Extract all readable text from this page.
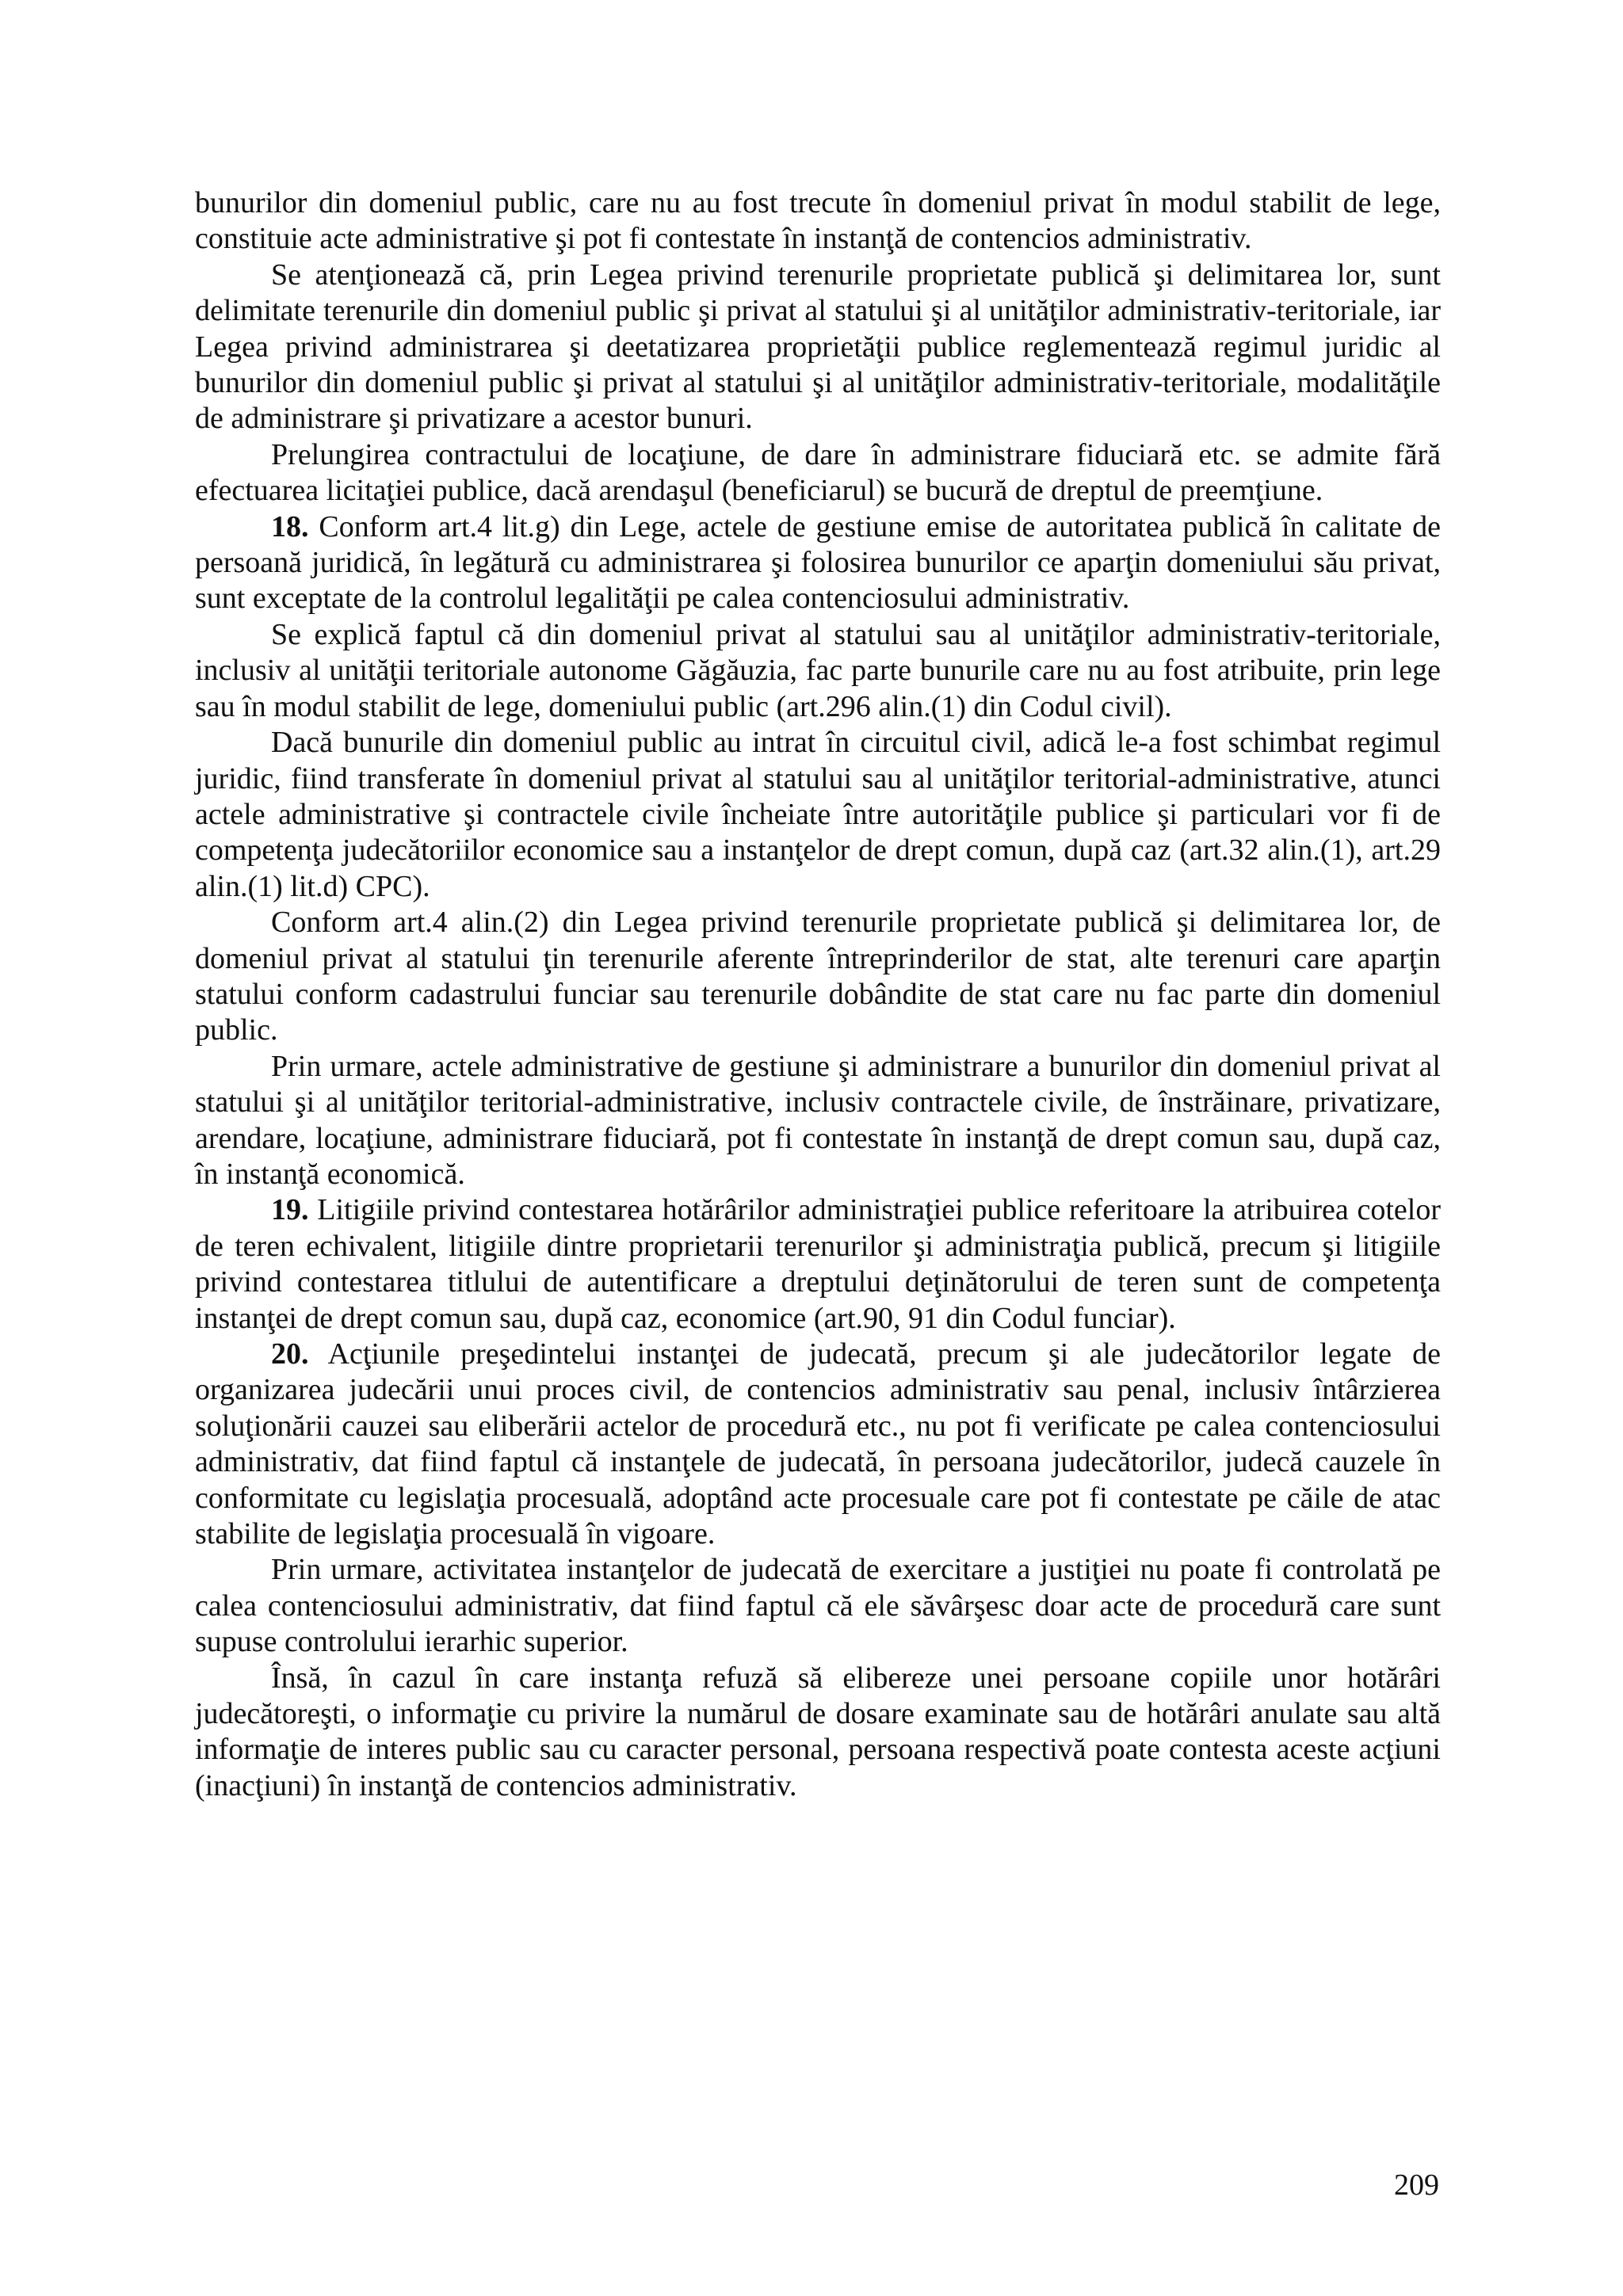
bunurilor din domeniul public, care nu au fost trecute în domeniul privat în modul stabilit de lege, constituie acte administrative şi pot fi contestate în instanţă de contencios administrativ.

Se atenţionează că, prin Legea privind terenurile proprietate publică şi delimitarea lor, sunt delimitate terenurile din domeniul public şi privat al statului şi al unităţilor administrativ-teritoriale, iar Legea privind administrarea şi deetatizarea proprietăţii publice reglementează regimul juridic al bunurilor din domeniul public şi privat al statului şi al unităţilor administrativ-teritoriale, modalităţile de administrare şi privatizare a acestor bunuri.

Prelungirea contractului de locaţiune, de dare în administrare fiduciară etc. se admite fără efectuarea licitaţiei publice, dacă arendaşul (beneficiarul) se bucură de dreptul de preemţiune.

18. Conform art.4 lit.g) din Lege, actele de gestiune emise de autoritatea publică în calitate de persoană juridică, în legătură cu administrarea şi folosirea bunurilor ce aparţin domeniului său privat, sunt exceptate de la controlul legalităţii pe calea contenciosului administrativ.

Se explică faptul că din domeniul privat al statului sau al unităţilor administrativ-teritoriale, inclusiv al unităţii teritoriale autonome Găgăuzia, fac parte bunurile care nu au fost atribuite, prin lege sau în modul stabilit de lege, domeniului public (art.296 alin.(1) din Codul civil).

Dacă bunurile din domeniul public au intrat în circuitul civil, adică le-a fost schimbat regimul juridic, fiind transferate în domeniul privat al statului sau al unităţilor teritorial-administrative, atunci actele administrative şi contractele civile încheiate între autorităţile publice şi particulari vor fi de competenţa judecătoriilor economice sau a instanţelor de drept comun, după caz (art.32 alin.(1), art.29 alin.(1) lit.d) CPC).

Conform art.4 alin.(2) din Legea privind terenurile proprietate publică şi delimitarea lor, de domeniul privat al statului ţin terenurile aferente întreprinderilor de stat, alte terenuri care aparţin statului conform cadastrului funciar sau terenurile dobândite de stat care nu fac parte din domeniul public.

Prin urmare, actele administrative de gestiune şi administrare a bunurilor din domeniul privat al statului şi al unităţilor teritorial-administrative, inclusiv contractele civile, de înstrăinare, privatizare, arendare, locaţiune, administrare fiduciară, pot fi contestate în instanţă de drept comun sau, după caz, în instanţă economică.

19. Litigiile privind contestarea hotărârilor administraţiei publice referitoare la atribuirea cotelor de teren echivalent, litigiile dintre proprietarii terenurilor şi administraţia publică, precum şi litigiile privind contestarea titlului de autentificare a dreptului deţinătorului de teren sunt de competenţa instanţei de drept comun sau, după caz, economice (art.90, 91 din Codul funciar).

20. Acţiunile preşedintelui instanţei de judecată, precum şi ale judecătorilor legate de organizarea judecării unui proces civil, de contencios administrativ sau penal, inclusiv întârzierea soluţionării cauzei sau eliberării actelor de procedură etc., nu pot fi verificate pe calea contenciosului administrativ, dat fiind faptul că instanţele de judecată, în persoana judecătorilor, judecă cauzele în conformitate cu legislaţia procesuală, adoptând acte procesuale care pot fi contestate pe căile de atac stabilite de legislaţia procesuală în vigoare.

Prin urmare, activitatea instanţelor de judecată de exercitare a justiţiei nu poate fi controlată pe calea contenciosului administrativ, dat fiind faptul că ele săvârşesc doar acte de procedură care sunt supuse controlului ierarhic superior.

Însă, în cazul în care instanţa refuză să elibereze unei persoane copiile unor hotărâri judecătoreşti, o informaţie cu privire la numărul de dosare examinate sau de hotărâri anulate sau altă informaţie de interes public sau cu caracter personal, persoana respectivă poate contesta aceste acţiuni (inacţiuni) în instanţă de contencios administrativ.

209
